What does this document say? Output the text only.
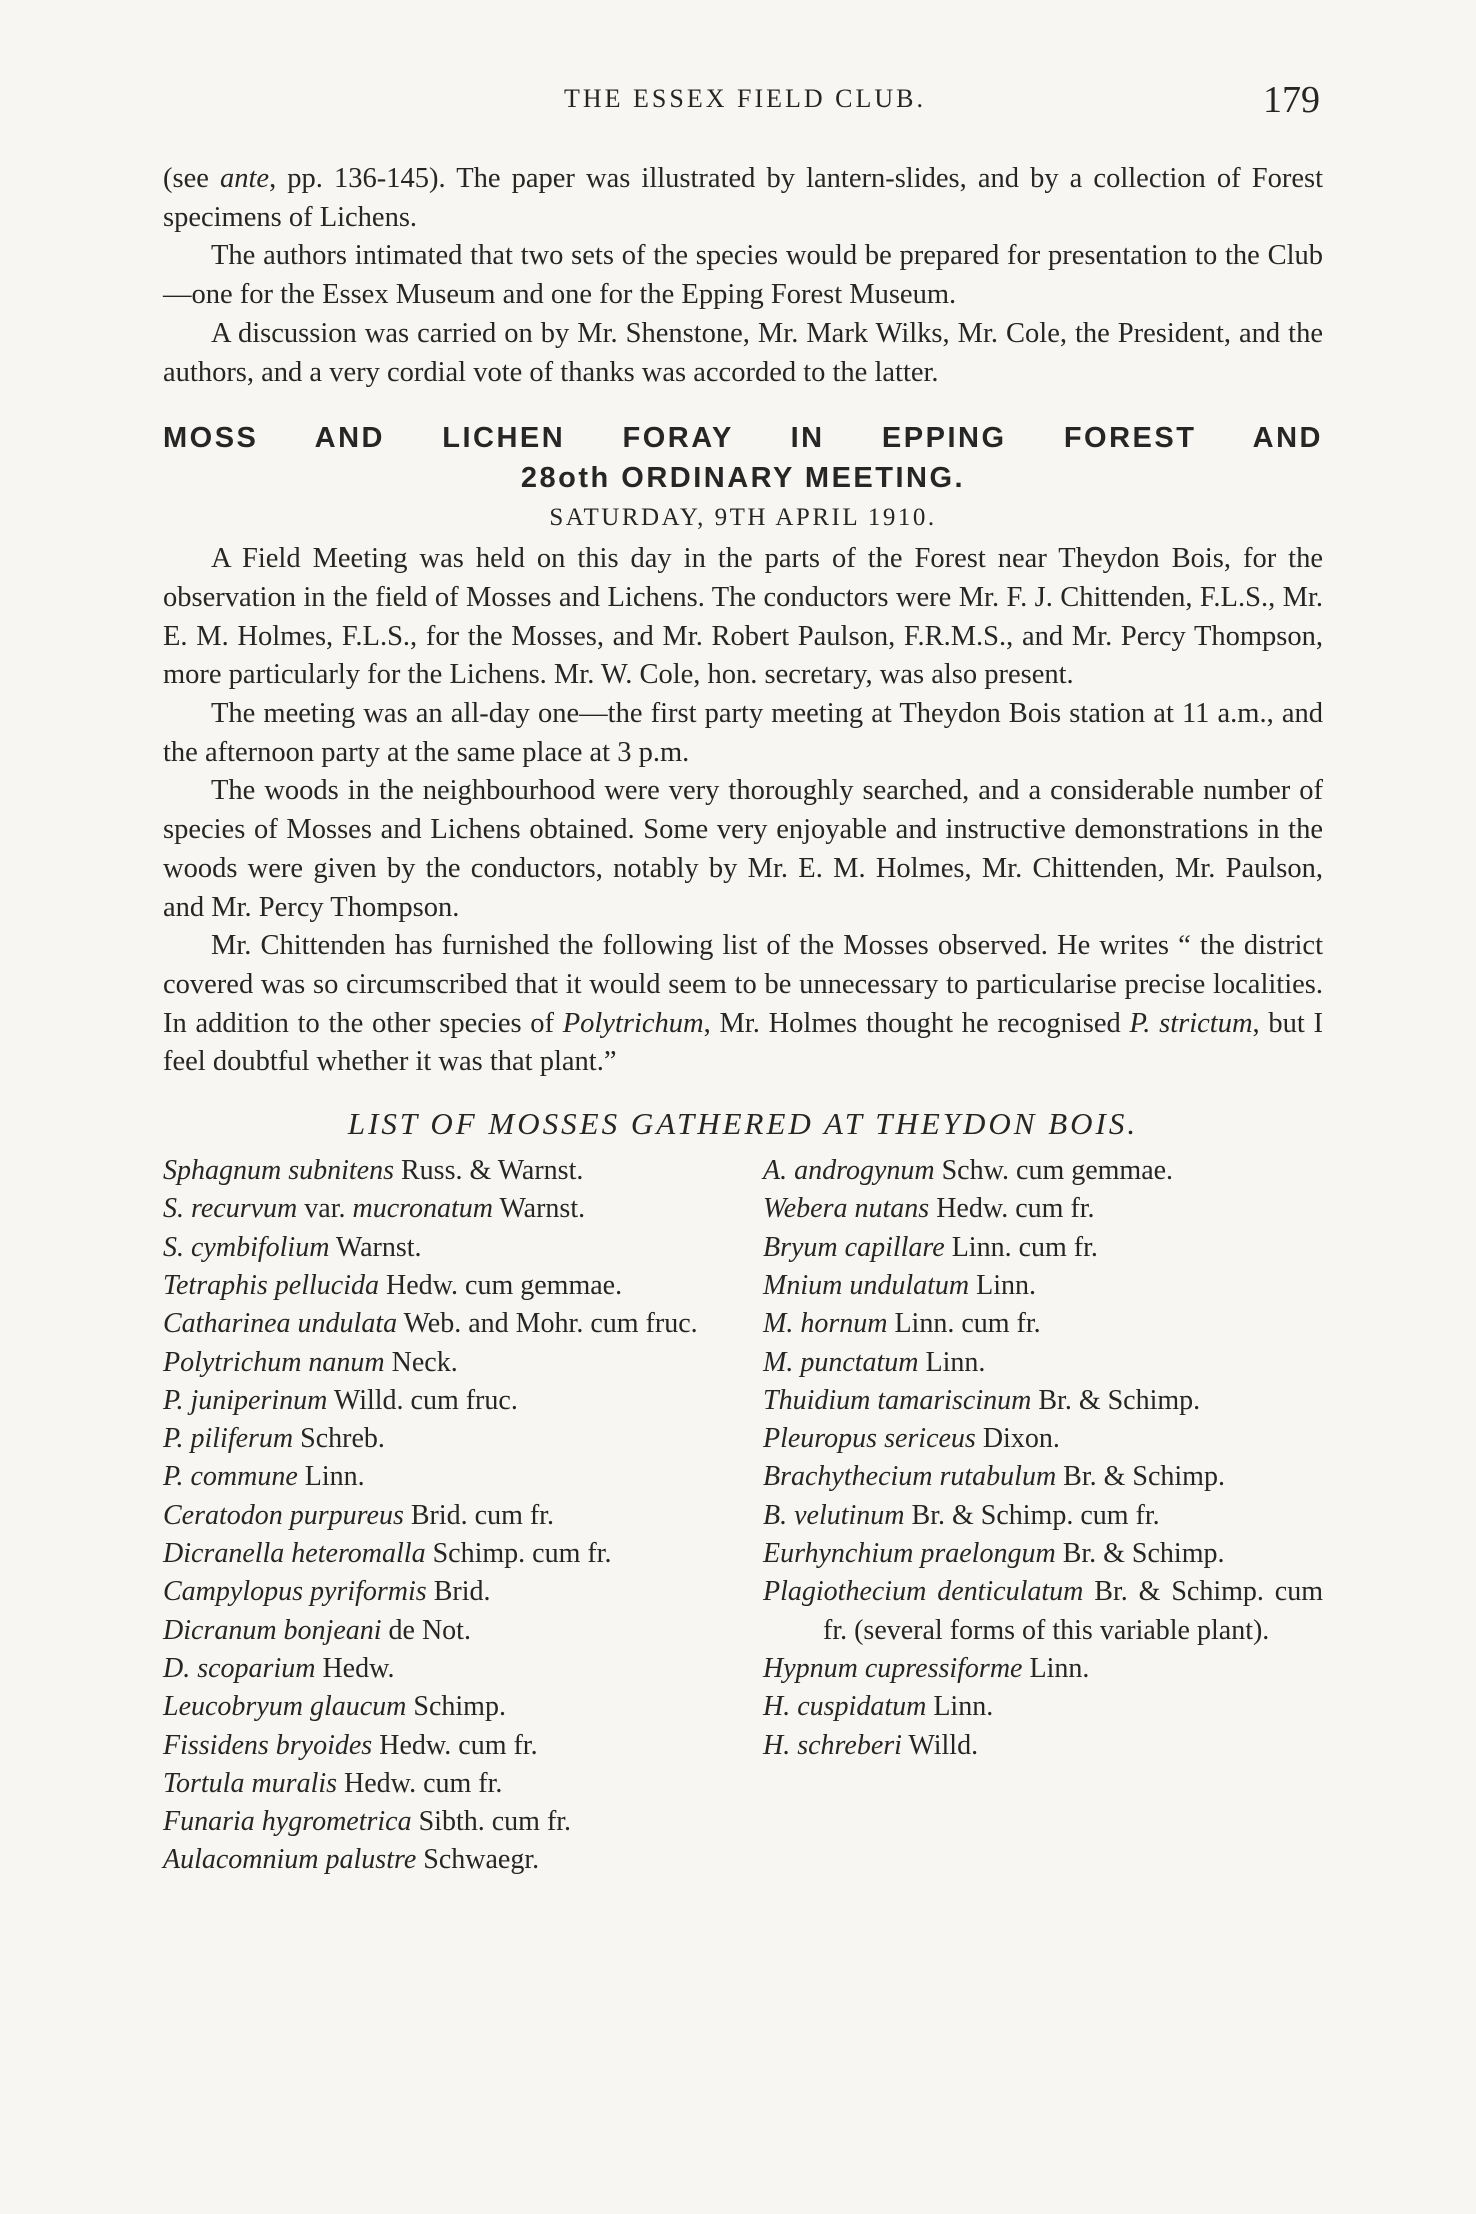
THE ESSEX FIELD CLUB.	179

(see ante, pp. 136-145). The paper was illustrated by lantern-slides, and by a collection of Forest specimens of Lichens.

The authors intimated that two sets of the species would be prepared for presentation to the Club—one for the Essex Museum and one for the Epping Forest Museum.

A discussion was carried on by Mr. Shenstone, Mr. Mark Wilks, Mr. Cole, the President, and the authors, and a very cordial vote of thanks was accorded to the latter.

MOSS AND LICHEN FORAY IN EPPING FOREST AND
28oth ORDINARY MEETING.
SATURDAY, 9TH APRIL 1910.

A Field Meeting was held on this day in the parts of the Forest near Theydon Bois, for the observation in the field of Mosses and Lichens. The conductors were Mr. F. J. Chittenden, F.L.S., Mr. E. M. Holmes, F.L.S., for the Mosses, and Mr. Robert Paulson, F.R.M.S., and Mr. Percy Thompson, more particularly for the Lichens. Mr. W. Cole, hon. secretary, was also present.

The meeting was an all-day one—the first party meeting at Theydon Bois station at 11 a.m., and the afternoon party at the same place at 3 p.m.

The woods in the neighbourhood were very thoroughly searched, and a considerable number of species of Mosses and Lichens obtained. Some very enjoyable and instructive demonstrations in the woods were given by the conductors, notably by Mr. E. M. Holmes, Mr. Chittenden, Mr. Paulson, and Mr. Percy Thompson.

Mr. Chittenden has furnished the following list of the Mosses observed. He writes “ the district covered was so circumscribed that it would seem to be unnecessary to particularise precise localities. In addition to the other species of Polytrichum, Mr. Holmes thought he recognised P. strictum, but I feel doubtful whether it was that plant.”

LIST OF MOSSES GATHERED AT THEYDON BOIS.
Sphagnum subnitens Russ. & Warnst.
S. recurvum var. mucronatum Warnst.
S. cymbifolium Warnst.
Tetraphis pellucida Hedw. cum gemmae.
Catharinea undulata Web. and Mohr. cum fruc.
Polytrichum nanum Neck.
P. juniperinum Willd. cum fruc.
P. piliferum Schreb.
P. commune Linn.
Ceratodon purpureus Brid. cum fr.
Dicranella heteromalla Schimp. cum fr.
Campylopus pyriformis Brid.
Dicranum bonjeani de Not.
D. scoparium Hedw.
Leucobryum glaucum Schimp.
Fissidens bryoides Hedw. cum fr.
Tortula muralis Hedw. cum fr.
Funaria hygrometrica Sibth. cum fr.
Aulacomnium palustre Schwaegr.
A. androgynum Schw. cum gemmae.
Webera nutans Hedw. cum fr.
Bryum capillare Linn. cum fr.
Mnium undulatum Linn.
M. hornum Linn. cum fr.
M. punctatum Linn.
Thuidium tamariscinum Br. & Schimp.
Pleuropus sericeus Dixon.
Brachythecium rutabulum Br. & Schimp.
B. velutinum Br. & Schimp. cum fr.
Eurhynchium praelongum Br. & Schimp.
Plagiothecium denticulatum Br. & Schimp. cum fr. (several forms of this variable plant).
Hypnum cupressiforme Linn.
H. cuspidatum Linn.
H. schreberi Willd.
